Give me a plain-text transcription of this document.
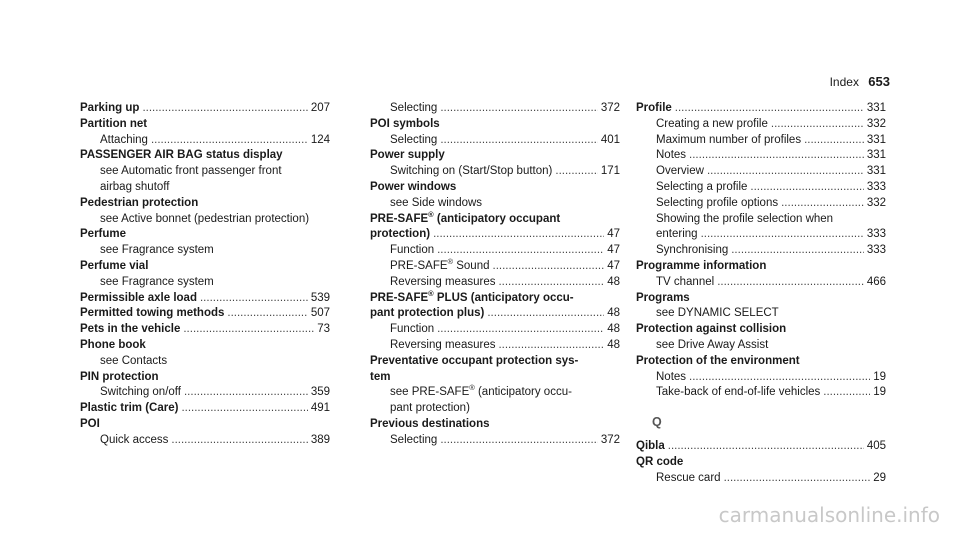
Index 653
Parking up .....	207
Partition net
Attaching .....	124
PASSENGER AIR BAG status display
see Automatic front passenger front
airbag shutoff
Pedestrian protection
see Active bonnet (pedestrian protection)
Perfume
see Fragrance system
Perfume vial
see Fragrance system
Permissible axle load .....	539
Permitted towing methods .....	507
Pets in the vehicle .....	73
Phone book
see Contacts
PIN protection
Switching on/off .....	359
Plastic trim (Care) .....	491
POI
Quick access .....	389
Selecting .....	372
POI symbols
Selecting .....	401
Power supply
Switching on (Start/Stop button) .....	171
Power windows
see Side windows
PRE-SAFE® (anticipatory occupant
protection) .....	47
Function .....	47
PRE-SAFE® Sound .....	47
Reversing measures .....	48
PRE-SAFE® PLUS (anticipatory occu-
pant protection plus) .....	48
Function .....	48
Reversing measures .....	48
Preventative occupant protection sys-
tem
see PRE-SAFE® (anticipatory occu-
pant protection)
Previous destinations
Selecting .....	372
Profile .....	331
Creating a new profile .....	332
Maximum number of profiles .....	331
Notes .....	331
Overview .....	331
Selecting a profile .....	333
Selecting profile options .....	332
Showing the profile selection when
entering .....	333
Synchronising .....	333
Programme information
TV channel .....	466
Programs
see DYNAMIC SELECT
Protection against collision
see Drive Away Assist
Protection of the environment
Notes .....	19
Take-back of end-of-life vehicles .....	19
Q
Qibla .....	405
QR code
Rescue card .....	29
carmanualsonline.info
